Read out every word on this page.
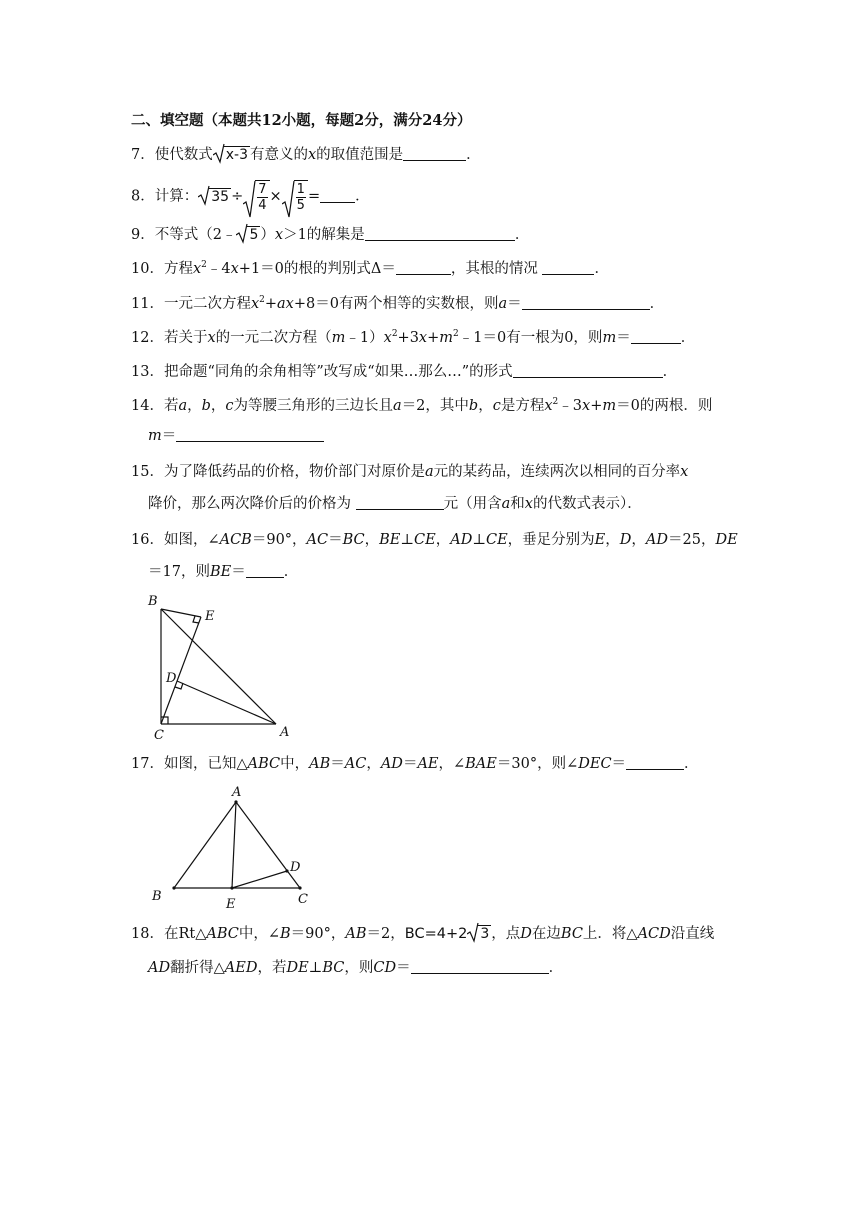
二、填空题（本题共12小题，每题2分，满分24分）
7．使代数式 x-3 有意义的x的取值范围是	．
8．计算： $35 \div \frac{7}{4} \times \frac{1}{5}$ = ．
9．不等式（2﹣ 5 ）x＞1的解集是	．
10．方程$x^2﹣4x+1=0$的根的判别式Δ＝	，其根的情况	．
11．一元二次方程$x^2+ax+8=0$有两个相等的实数根，则a＝	．
12．若关于x的一元二次方程$(m﹣1)x^2+3x+m^2﹣1=0$有一根为0，则m＝	．
13．把命题“同角的余角相等”改写成“如果…那么…”的形式	．
14．若a，b，c为等腰三角形的三边长且a＝2，其中b，c是方程$x^2﹣3x+m=0$的两根．则
m＝
15．为了降低药品的价格，物价部门对原价是a元的某药品，连续两次以相同的百分率x
降价，那么两次降价后的价格为	元（用含a和x的代数式表示）．
16．如图，∠ACB＝90°，AC＝BC，BE⊥CE，AD⊥CE，垂足分别为E，D，AD＝25，DE
＝17，则BE＝	．
B
E
D
C	A
17．如图，已知△ABC中，AB＝AC，AD＝AE，∠BAE＝30°，则∠DEC＝	．
A
B
E
D
C
18．在Rt△ABC中，∠B＝90°，AB＝2，BC=4+2 3 ，点D在边BC上．将△ACD沿直线
AD翻折得△AED，若DE⊥BC，则CD＝	．
